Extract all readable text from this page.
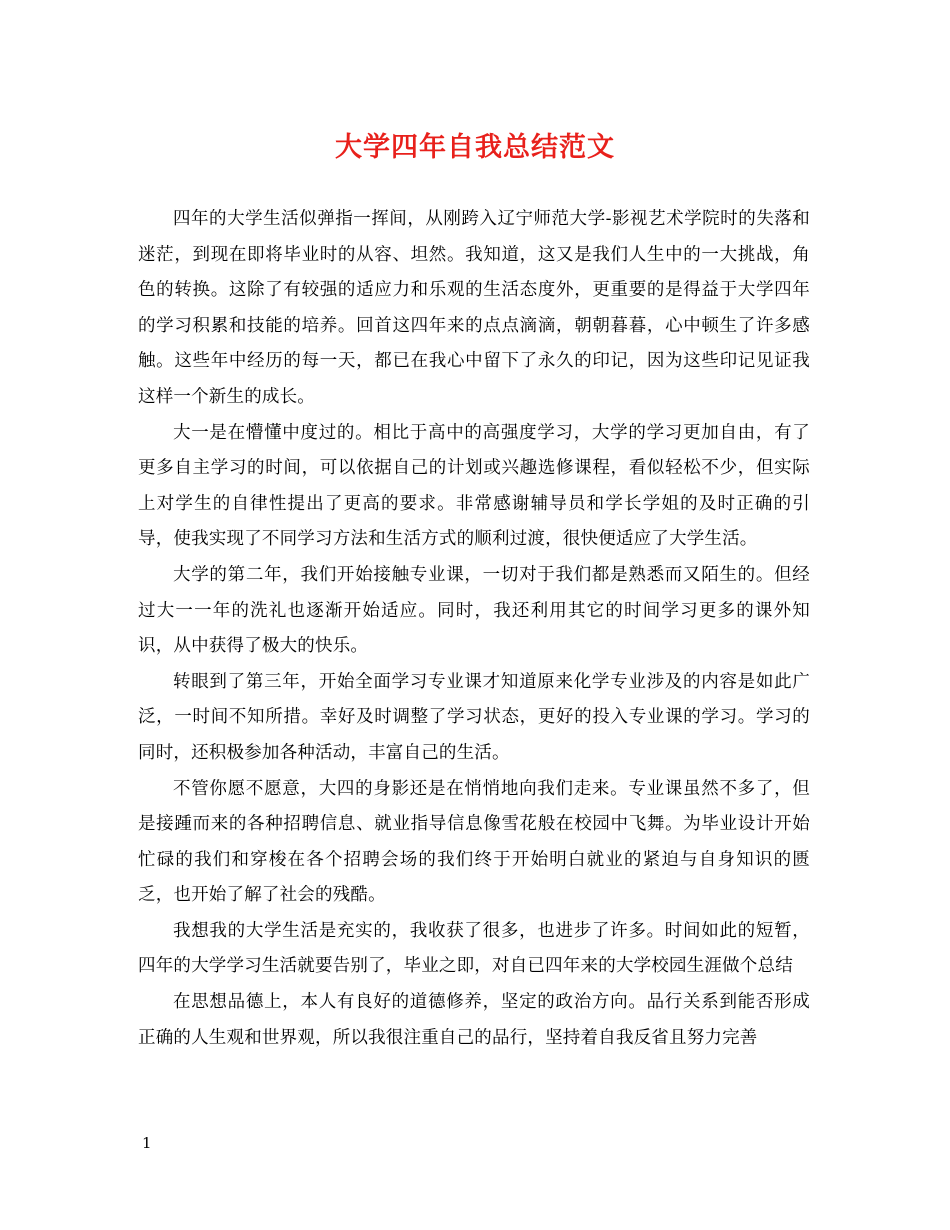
大学四年自我总结范文

四年的大学生活似弹指一挥间，从刚跨入辽宁师范大学-影视艺术学院时的失落和迷茫，到现在即将毕业时的从容、坦然。我知道，这又是我们人生中的一大挑战，角色的转换。这除了有较强的适应力和乐观的生活态度外，更重要的是得益于大学四年的学习积累和技能的培养。回首这四年来的点点滴滴，朝朝暮暮，心中顿生了许多感触。这些年中经历的每一天，都已在我心中留下了永久的印记，因为这些印记见证我这样一个新生的成长。

大一是在懵懂中度过的。相比于高中的高强度学习，大学的学习更加自由，有了更多自主学习的时间，可以依据自己的计划或兴趣选修课程，看似轻松不少，但实际上对学生的自律性提出了更高的要求。非常感谢辅导员和学长学姐的及时正确的引导，使我实现了不同学习方法和生活方式的顺利过渡，很快便适应了大学生活。

大学的第二年，我们开始接触专业课，一切对于我们都是熟悉而又陌生的。但经过大一一年的洗礼也逐渐开始适应。同时，我还利用其它的时间学习更多的课外知识，从中获得了极大的快乐。

转眼到了第三年，开始全面学习专业课才知道原来化学专业涉及的内容是如此广泛，一时间不知所措。幸好及时调整了学习状态，更好的投入专业课的学习。学习的同时，还积极参加各种活动，丰富自己的生活。

不管你愿不愿意，大四的身影还是在悄悄地向我们走来。专业课虽然不多了，但是接踵而来的各种招聘信息、就业指导信息像雪花般在校园中飞舞。为毕业设计开始忙碌的我们和穿梭在各个招聘会场的我们终于开始明白就业的紧迫与自身知识的匮乏，也开始了解了社会的残酷。

我想我的大学生活是充实的，我收获了很多，也进步了许多。时间如此的短暂，四年的大学学习生活就要告别了，毕业之即，对自已四年来的大学校园生涯做个总结

在思想品德上，本人有良好的道德修养，坚定的政治方向。品行关系到能否形成正确的人生观和世界观，所以我很注重自己的品行，坚持着自我反省且努力完善

1
